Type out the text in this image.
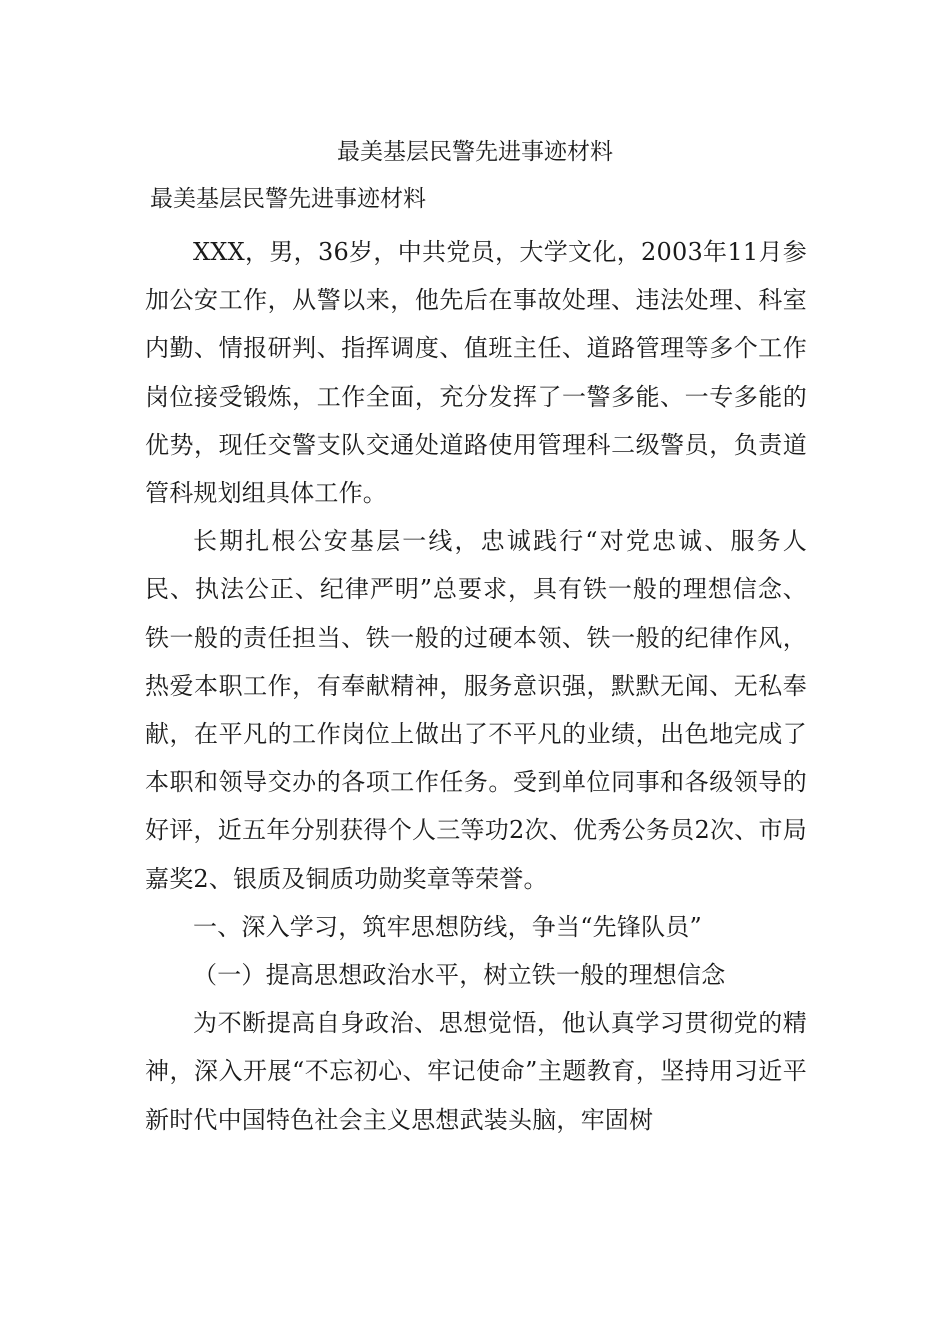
最美基层民警先进事迹材料
最美基层民警先进事迹材料

XXX，男，36岁，中共党员，大学文化，2003年11月参加公安工作，从警以来，他先后在事故处理、违法处理、科室内勤、情报研判、指挥调度、值班主任、道路管理等多个工作岗位接受锻炼，工作全面，充分发挥了一警多能、一专多能的优势，现任交警支队交通处道路使用管理科二级警员，负责道管科规划组具体工作。

长期扎根公安基层一线，忠诚践行“对党忠诚、服务人民、执法公正、纪律严明”总要求，具有铁一般的理想信念、铁一般的责任担当、铁一般的过硬本领、铁一般的纪律作风，热爱本职工作，有奉献精神，服务意识强，默默无闻、无私奉献，在平凡的工作岗位上做出了不平凡的业绩，出色地完成了本职和领导交办的各项工作任务。受到单位同事和各级领导的好评，近五年分别获得个人三等功2次、优秀公务员2次、市局嘉奖2、银质及铜质功勋奖章等荣誉。

一、深入学习，筑牢思想防线，争当“先锋队员”

（一）提高思想政治水平，树立铁一般的理想信念

为不断提高自身政治、思想觉悟，他认真学习贯彻党的精神，深入开展“不忘初心、牢记使命”主题教育，坚持用习近平新时代中国特色社会主义思想武装头脑，牢固树
